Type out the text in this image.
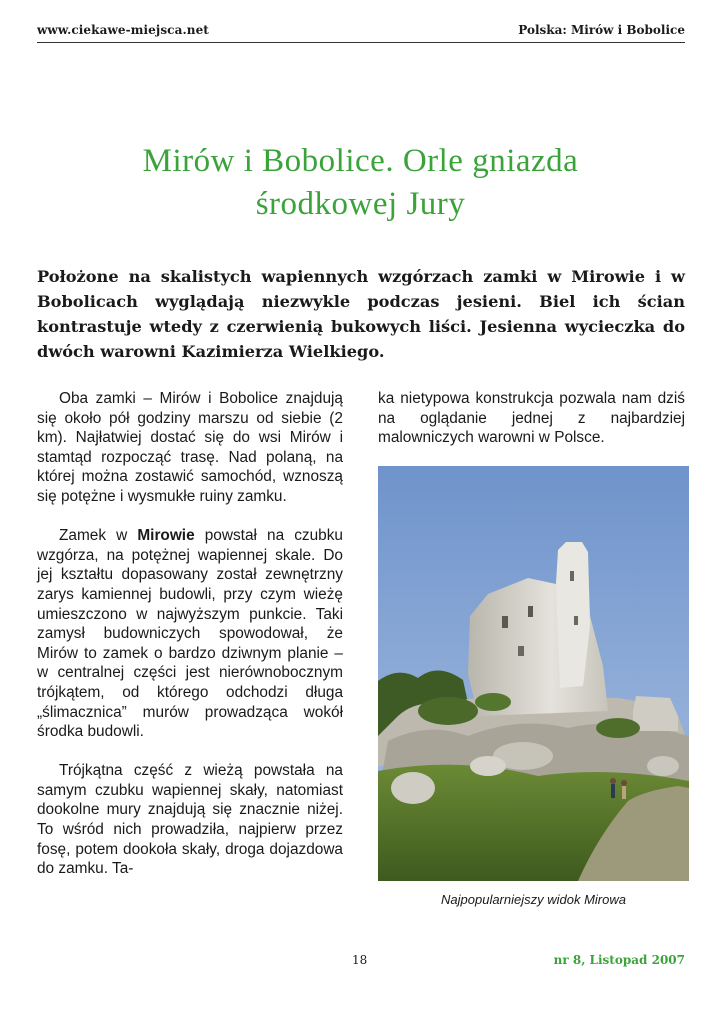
www.ciekawe-miejsca.net	Polska: Mirów i Bobolice
Mirów i Bobolice. Orle gniazda
środkowej Jury
Położone na skalistych wapiennych wzgórzach zamki w Mirowie i w Bobolicach wyglądają niezwykle podczas jesieni. Biel ich ścian kontrastuje wtedy z czerwienią bukowych liści. Jesienna wycieczka do dwóch warowni Kazimierza Wielkiego.

Oba zamki – Mirów i Bobolice znajdują się około pół godziny marszu od siebie (2 km). Najłatwiej dostać się do wsi Mirów i stamtąd rozpocząć trasę. Nad polaną, na której można zostawić samochód, wznoszą się potężne i wysmukłe ruiny zamku.

Zamek w Mirowie powstał na czubku wzgórza, na potężnej wapiennej skale. Do jej kształtu dopasowany został zewnętrzny zarys kamiennej budowli, przy czym wieżę umieszczono w najwyższym punkcie. Taki zamysł budowniczych spowodował, że Mirów to zamek o bardzo dziwnym planie – w centralnej części jest nierównobocznym trójkątem, od którego odchodzi długa „ślimacznica” murów prowadząca wokół środka budowli.

Trójkątna część z wieżą powstała na samym czubku wapiennej skały, natomiast dookolne mury znajdują się znacznie niżej. To wśród nich prowadziła, najpierw przez fosę, potem dookoła skały, droga dojazdowa do zamku. Ta-

ka nietypowa konstrukcja pozwala nam dziś na oglądanie jednej z najbardziej malowniczych warowni w Polsce.

Najpopularniejszy widok Mirowa
18	nr 8, Listopad 2007
